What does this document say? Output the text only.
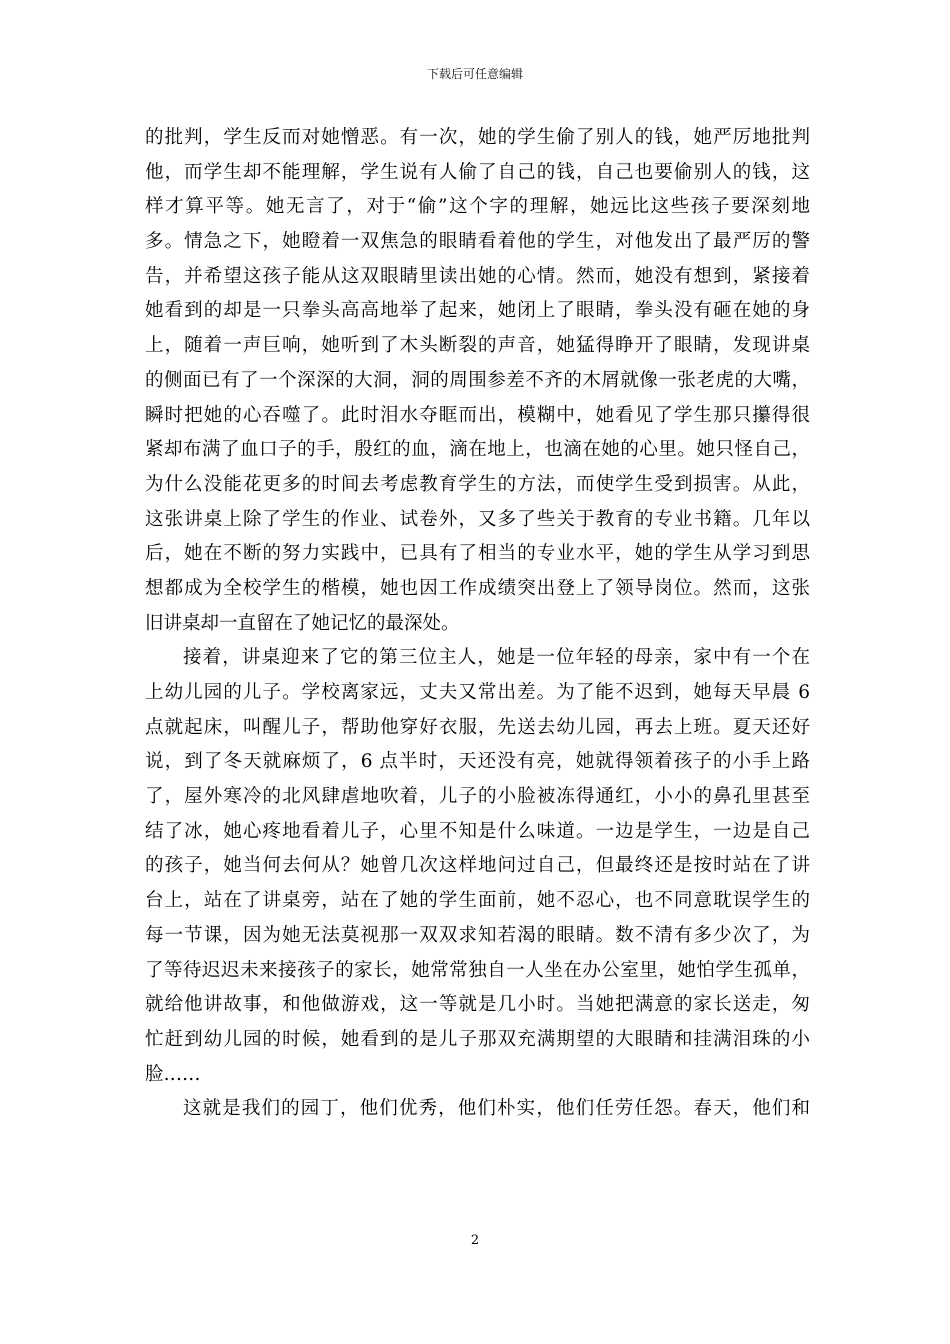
下载后可任意编辑
的批判，学生反而对她憎恶。有一次，她的学生偷了别人的钱，她严厉地批判
他，而学生却不能理解，学生说有人偷了自己的钱，自己也要偷别人的钱，这
样才算平等。她无言了，对于“偷”这个字的理解，她远比这些孩子要深刻地
多。情急之下，她瞪着一双焦急的眼睛看着他的学生，对他发出了最严厉的警
告，并希望这孩子能从这双眼睛里读出她的心情。然而，她没有想到，紧接着
她看到的却是一只拳头高高地举了起来，她闭上了眼睛，拳头没有砸在她的身
上，随着一声巨响，她听到了木头断裂的声音，她猛得睁开了眼睛，发现讲桌
的侧面已有了一个深深的大洞，洞的周围参差不齐的木屑就像一张老虎的大嘴，
瞬时把她的心吞噬了。此时泪水夺眶而出，模糊中，她看见了学生那只攥得很
紧却布满了血口子的手，殷红的血，滴在地上，也滴在她的心里。她只怪自己，
为什么没能花更多的时间去考虑教育学生的方法，而使学生受到损害。从此，
这张讲桌上除了学生的作业、试卷外，又多了些关于教育的专业书籍。几年以
后，她在不断的努力实践中，已具有了相当的专业水平，她的学生从学习到思
想都成为全校学生的楷模，她也因工作成绩突出登上了领导岗位。然而，这张
旧讲桌却一直留在了她记忆的最深处。
接着，讲桌迎来了它的第三位主人，她是一位年轻的母亲，家中有一个在
上幼儿园的儿子。学校离家远，丈夫又常出差。为了能不迟到，她每天早晨 6
点就起床，叫醒儿子，帮助他穿好衣服，先送去幼儿园，再去上班。夏天还好
说，到了冬天就麻烦了，6 点半时，天还没有亮，她就得领着孩子的小手上路
了，屋外寒冷的北风肆虐地吹着，儿子的小脸被冻得通红，小小的鼻孔里甚至
结了冰，她心疼地看着儿子，心里不知是什么味道。一边是学生，一边是自己
的孩子，她当何去何从？她曾几次这样地问过自己，但最终还是按时站在了讲
台上，站在了讲桌旁，站在了她的学生面前，她不忍心，也不同意耽误学生的
每一节课，因为她无法莫视那一双双求知若渴的眼睛。数不清有多少次了，为
了等待迟迟未来接孩子的家长，她常常独自一人坐在办公室里，她怕学生孤单，
就给他讲故事，和他做游戏，这一等就是几小时。当她把满意的家长送走，匆
忙赶到幼儿园的时候，她看到的是儿子那双充满期望的大眼睛和挂满泪珠的小
脸……
这就是我们的园丁，他们优秀，他们朴实，他们任劳任怨。春天，他们和
2
